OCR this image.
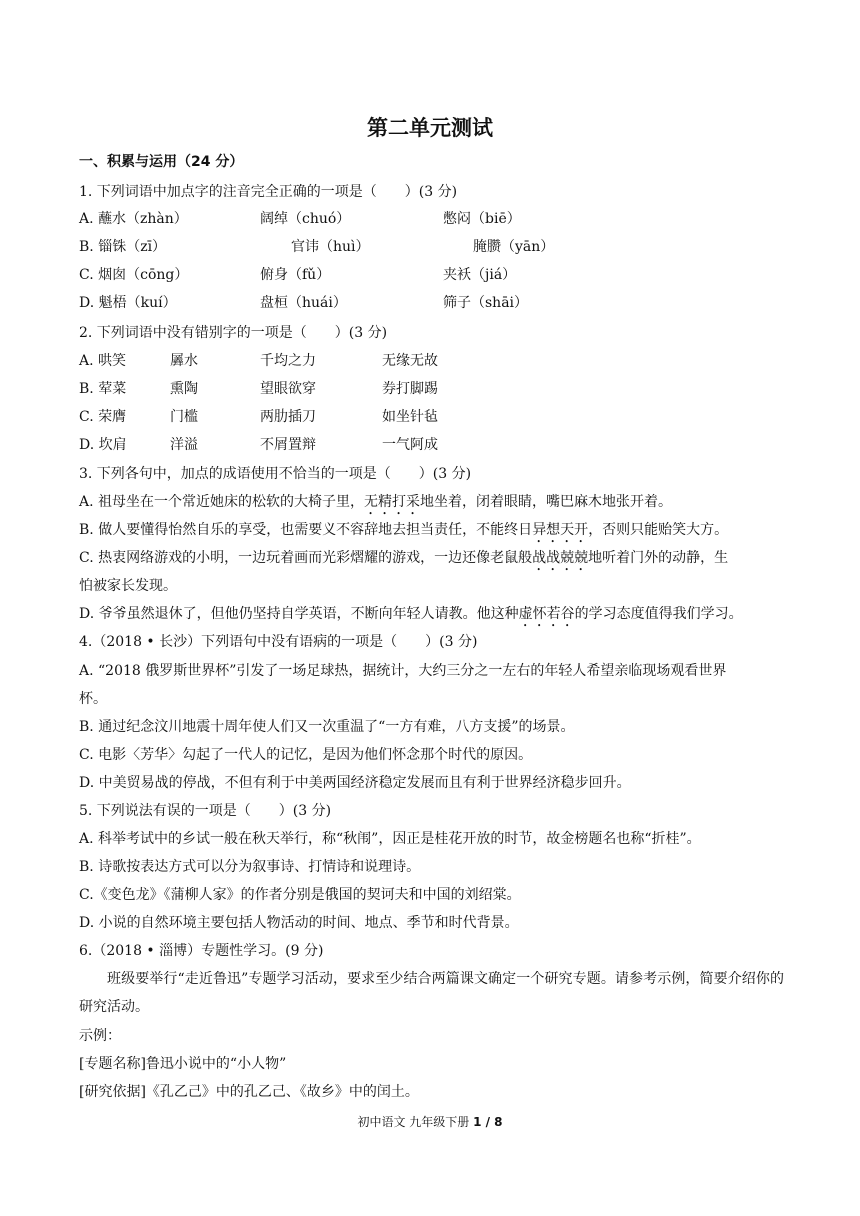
第二单元测试
一、积累与运用（24 分）
1. 下列词语中加点字的注音完全正确的一项是（　　）(3 分)
A. 蘸水（zhàn）	阔绰（chuó）	憋闷（biē）
B. 锱铢（zī）	官讳（huì）	腌臜（yān）
C. 烟囱（cōng）	俯身（fǔ）	夹袄（jiá）
D. 魁梧（kuí）	盘桓（huái）	筛子（shāi）
2. 下列词语中没有错别字的一项是（　　）(3 分)
A. 哄笑	羼水	千均之力	无缘无故
B. 荤菜	熏陶	望眼欲穿	券打脚踢
C. 荣膺	门槛	两肋插刀	如坐针毡
D. 坎肩	洋溢	不屑置辩	一气阿成
3. 下列各句中，加点的成语使用不恰当的一项是（　　）(3 分)
A. 祖母坐在一个常近她床的松软的大椅子里，无精打采地坐着，闭着眼睛，嘴巴麻木地张开着。
B. 做人要懂得怡然自乐的享受，也需要义不容辞地去担当责任，不能终日异想天开，否则只能贻笑大方。
C. 热衷网络游戏的小明，一边玩着画而光彩熠耀的游戏，一边还像老鼠般战战兢兢地听着门外的动静，生
怕被家长发现。
D. 爷爷虽然退休了，但他仍坚持自学英语，不断向年轻人请教。他这种虚怀若谷的学习态度值得我们学习。
4.（2018 • 长沙）下列语句中没有语病的一项是（　　）(3 分)
A. “2018 俄罗斯世界杯”引发了一场足球热，据统计，大约三分之一左右的年轻人希望亲临现场观看世界
杯。
B. 通过纪念汶川地震十周年使人们又一次重温了“一方有难，八方支援”的场景。
C. 电影〈芳华〉勾起了一代人的记忆，是因为他们怀念那个时代的原因。
D. 中美贸易战的停战，不但有利于中美两国经济稳定发展而且有利于世界经济稳步回升。
5. 下列说法有误的一项是（　　）(3 分)
A. 科举考试中的乡试一般在秋天举行，称“秋闱”，因正是桂花开放的时节，故金榜题名也称“折桂”。
B. 诗歌按表达方式可以分为叙事诗、打情诗和说理诗。
C.《变色龙》《蒲柳人家》的作者分别是俄国的契诃夫和中国的刘绍棠。
D. 小说的自然环境主要包括人物活动的时间、地点、季节和时代背景。
6.（2018 • 淄博）专题性学习。(9 分)
班级要举行“走近鲁迅”专题学习活动，要求至少结合两篇课文确定一个研究专题。请参考示例，简要介绍你的研究活动。
示例：
[专题名称]鲁迅小说中的“小人物”
[研究依据]《孔乙己》中的孔乙己、《故乡》中的闰土。
初中语文 九年级下册 1 / 8
